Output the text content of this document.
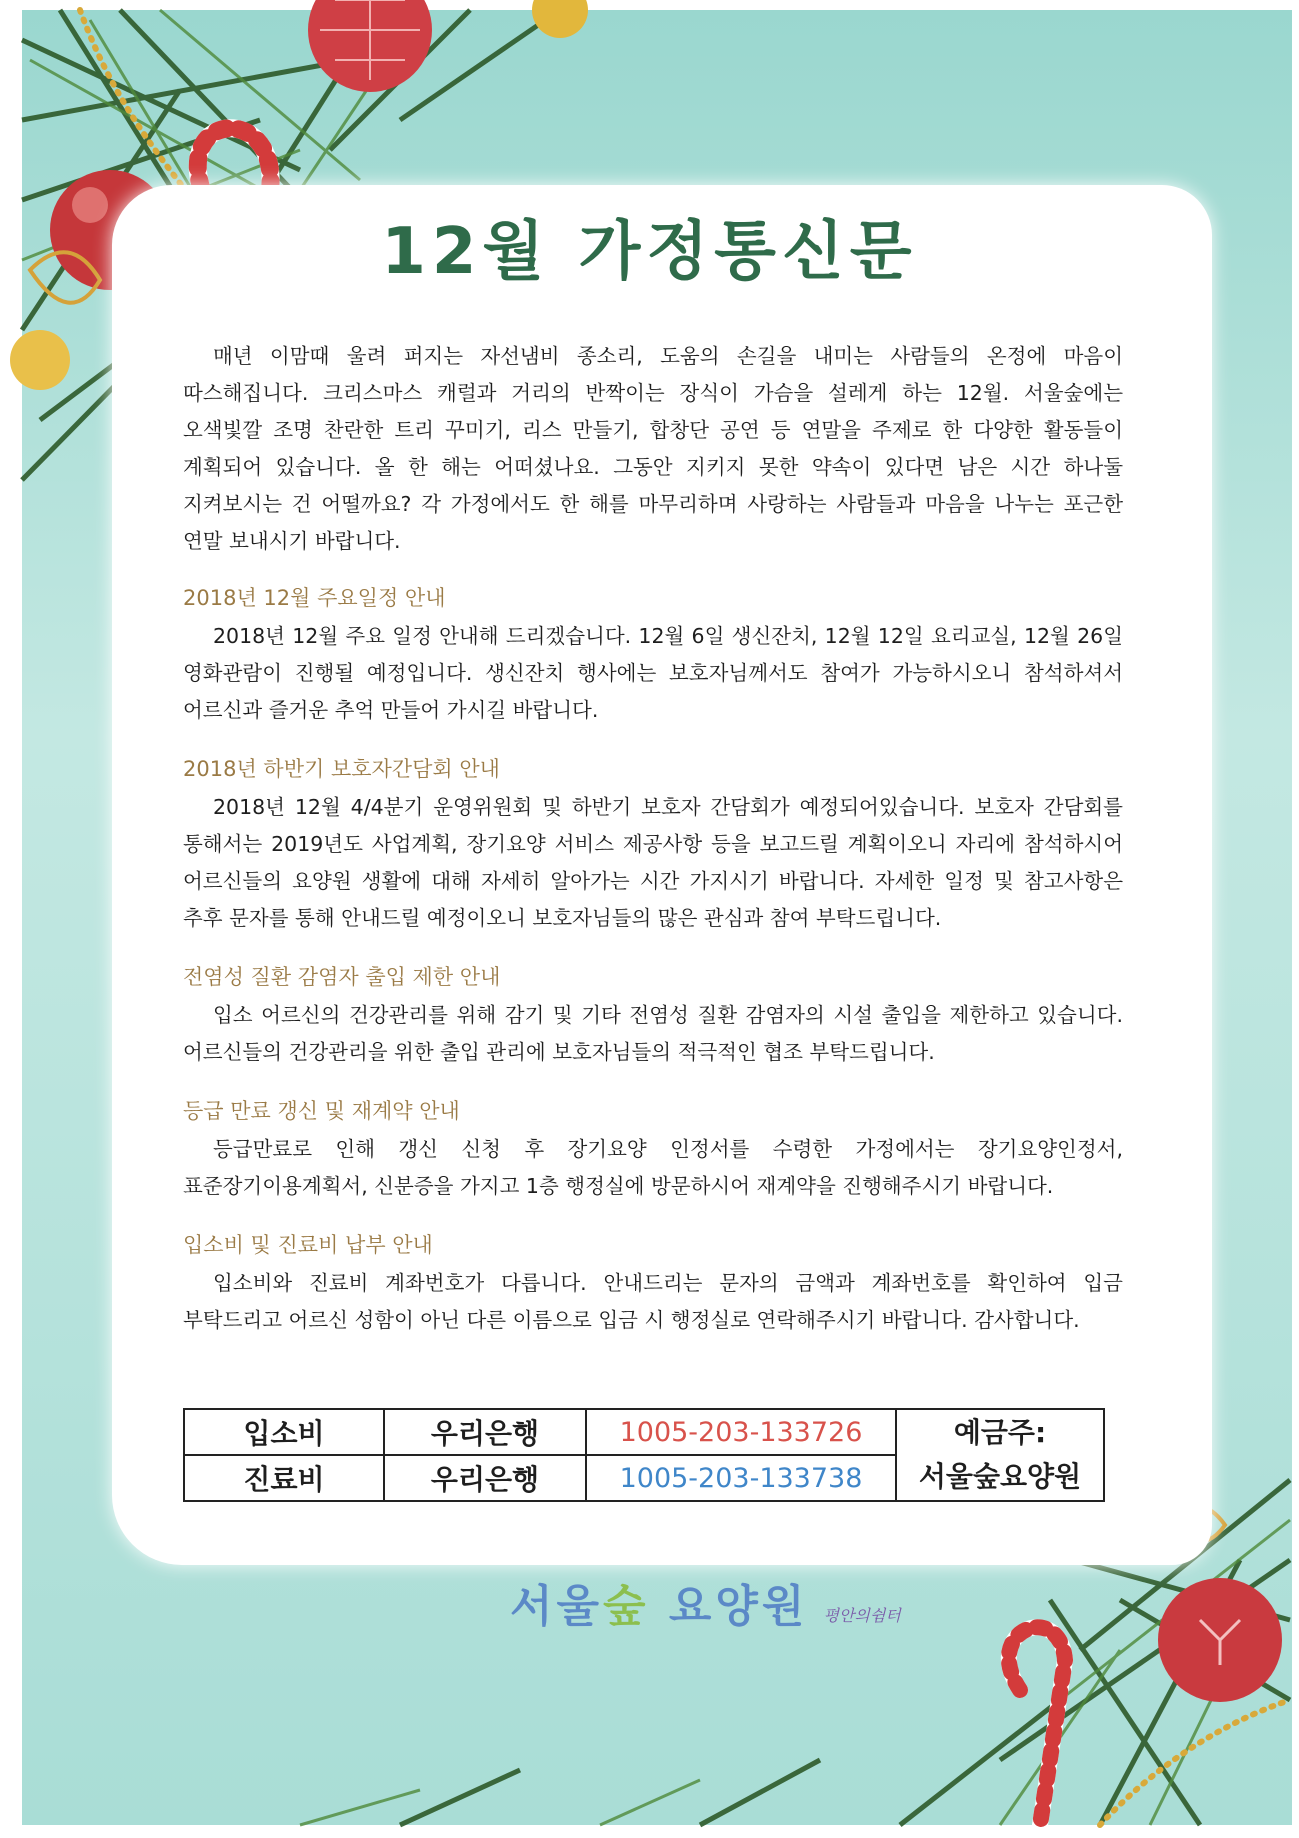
12월 가정통신문

매년 이맘때 울려 퍼지는 자선냄비 종소리, 도움의 손길을 내미는 사람들의 온정에 마음이 따스해집니다. 크리스마스 캐럴과 거리의 반짝이는 장식이 가슴을 설레게 하는 12월. 서울숲에는 오색빛깔 조명 찬란한 트리 꾸미기, 리스 만들기, 합창단 공연 등 연말을 주제로 한 다양한 활동들이 계획되어 있습니다. 올 한 해는 어떠셨나요. 그동안 지키지 못한 약속이 있다면 남은 시간 하나둘 지켜보시는 건 어떨까요? 각 가정에서도 한 해를 마무리하며 사랑하는 사람들과 마음을 나누는 포근한 연말 보내시기 바랍니다.

2018년 12월 주요일정 안내

2018년 12월 주요 일정 안내해 드리겠습니다. 12월 6일 생신잔치, 12월 12일 요리교실, 12월 26일 영화관람이 진행될 예정입니다. 생신잔치 행사에는 보호자님께서도 참여가 가능하시오니 참석하셔서 어르신과 즐거운 추억 만들어 가시길 바랍니다.

2018년 하반기 보호자간담회 안내

2018년 12월 4/4분기 운영위원회 및 하반기 보호자 간담회가 예정되어있습니다. 보호자 간담회를 통해서는 2019년도 사업계획, 장기요양 서비스 제공사항 등을 보고드릴 계획이오니 자리에 참석하시어 어르신들의 요양원 생활에 대해 자세히 알아가는 시간 가지시기 바랍니다. 자세한 일정 및 참고사항은 추후 문자를 통해 안내드릴 예정이오니 보호자님들의 많은 관심과 참여 부탁드립니다.

전염성 질환 감염자 출입 제한 안내

입소 어르신의 건강관리를 위해 감기 및 기타 전염성 질환 감염자의 시설 출입을 제한하고 있습니다. 어르신들의 건강관리을 위한 출입 관리에 보호자님들의 적극적인 협조 부탁드립니다.

등급 만료 갱신 및 재계약 안내

등급만료로 인해 갱신 신청 후 장기요양 인정서를 수령한 가정에서는 장기요양인정서, 표준장기이용계획서, 신분증을 가지고 1층 행정실에 방문하시어 재계약을 진행해주시기 바랍니다.

입소비 및 진료비 납부 안내

입소비와 진료비 계좌번호가 다릅니다. 안내드리는 문자의 금액과 계좌번호를 확인하여 입금 부탁드리고 어르신 성함이 아닌 다른 이름으로 입금 시 행정실로 연락해주시기 바랍니다. 감사합니다.

입소비	우리은행	1005-203-133726	예금주:
서울숲요양원

진료비	우리은행	1005-203-133738	
서울숲 요양원 평안의쉼터
